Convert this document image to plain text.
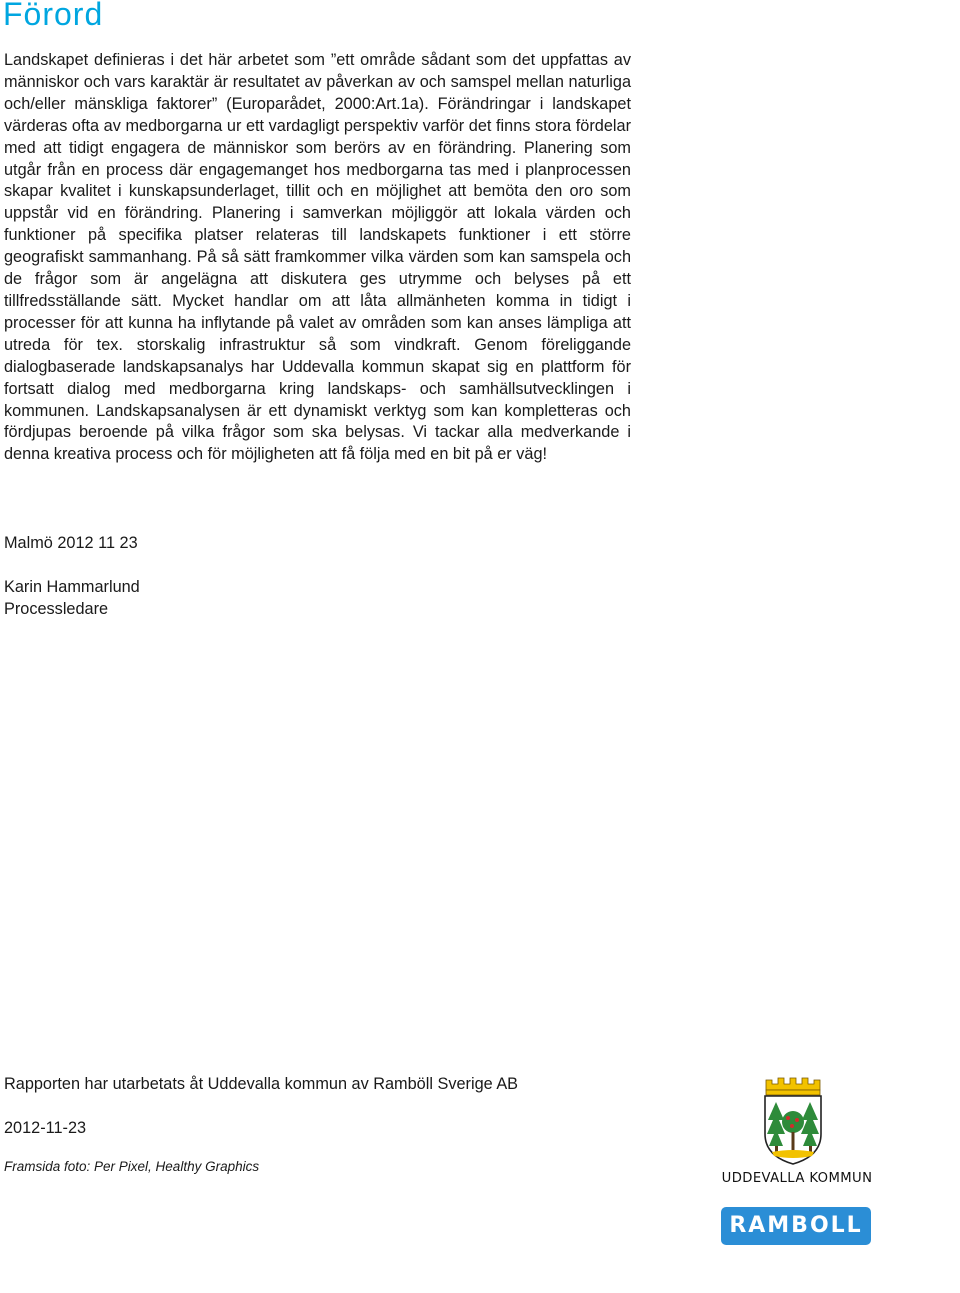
Förord

Landskapet definieras i det här arbetet som ”ett område sådant som det uppfattas av människor och vars karaktär är resultatet av påverkan av och samspel mellan naturliga och/eller mänskliga faktorer” (Europarådet, 2000:Art.1a). Förändringar i landskapet värderas ofta av medborgarna ur ett vardagligt perspektiv varför det finns stora fördelar med att tidigt engagera de människor som berörs av en förändring. Planering som utgår från en process där engagemanget hos medborgarna tas med i planprocessen skapar kvalitet i kunskapsunderlaget, tillit och en möjlighet att bemöta den oro som uppstår vid en förändring. Planering i samverkan möjliggör att lokala värden och funktioner på specifika platser relateras till landskapets funktioner i ett större geografiskt sammanhang. På så sätt framkommer vilka värden som kan samspela och de frågor som är angelägna att diskutera ges utrymme och belyses på ett tillfredsställande sätt. Mycket handlar om att låta allmänheten komma in tidigt i processer för att kunna ha inflytande på valet av områden som kan anses lämpliga att utreda för tex. storskalig infrastruktur så som vindkraft. Genom föreliggande dialogbaserade landskapsanalys har Uddevalla kommun skapat sig en plattform för fortsatt dialog med medborgarna kring landskaps- och samhällsutvecklingen i kommunen. Landskapsanalysen är ett dynamiskt verktyg som kan kompletteras och fördjupas beroende på vilka frågor som ska belysas. Vi tackar alla medverkande i denna kreativa process och för möjligheten att få följa med en bit på er väg!

Malmö 2012 11 23

Karin Hammarlund
Processledare

Rapporten har utarbetats åt Uddevalla kommun av Ramböll Sverige AB

2012-11-23

Framsida foto: Per Pixel, Healthy Graphics

UDDEVALLA KOMMUN
RAMBOLL
